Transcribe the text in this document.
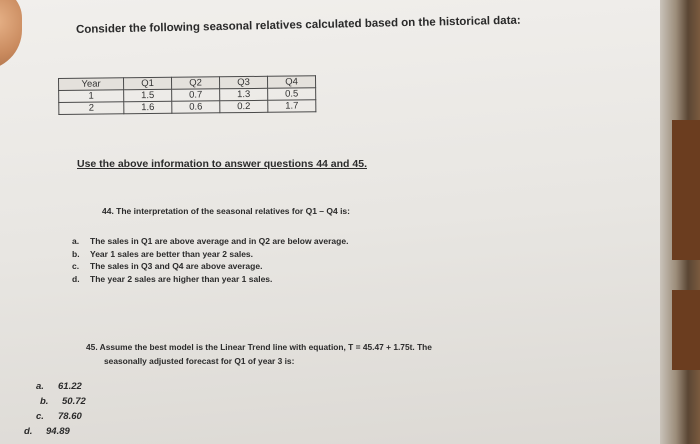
Consider the following seasonal relatives calculated based on the historical data:
Year	Q1	Q2	Q3	Q4
1	1.5	0.7	1.3	0.5
2	1.6	0.6	0.2	1.7
Use the above information to answer questions 44 and 45.
44. The interpretation of the seasonal relatives for Q1 – Q4 is:
a. The sales in Q1 are above average and in Q2 are below average.
b. Year 1 sales are better than year 2 sales.
c. The sales in Q3 and Q4 are above average.
d. The year 2 sales are higher than year 1 sales.
45. Assume the best model is the Linear Trend line with equation, T = 45.47 + 1.75t. The
seasonally adjusted forecast for Q1 of year 3 is:
a. 61.22
b. 50.72
c. 78.60
d. 94.89
